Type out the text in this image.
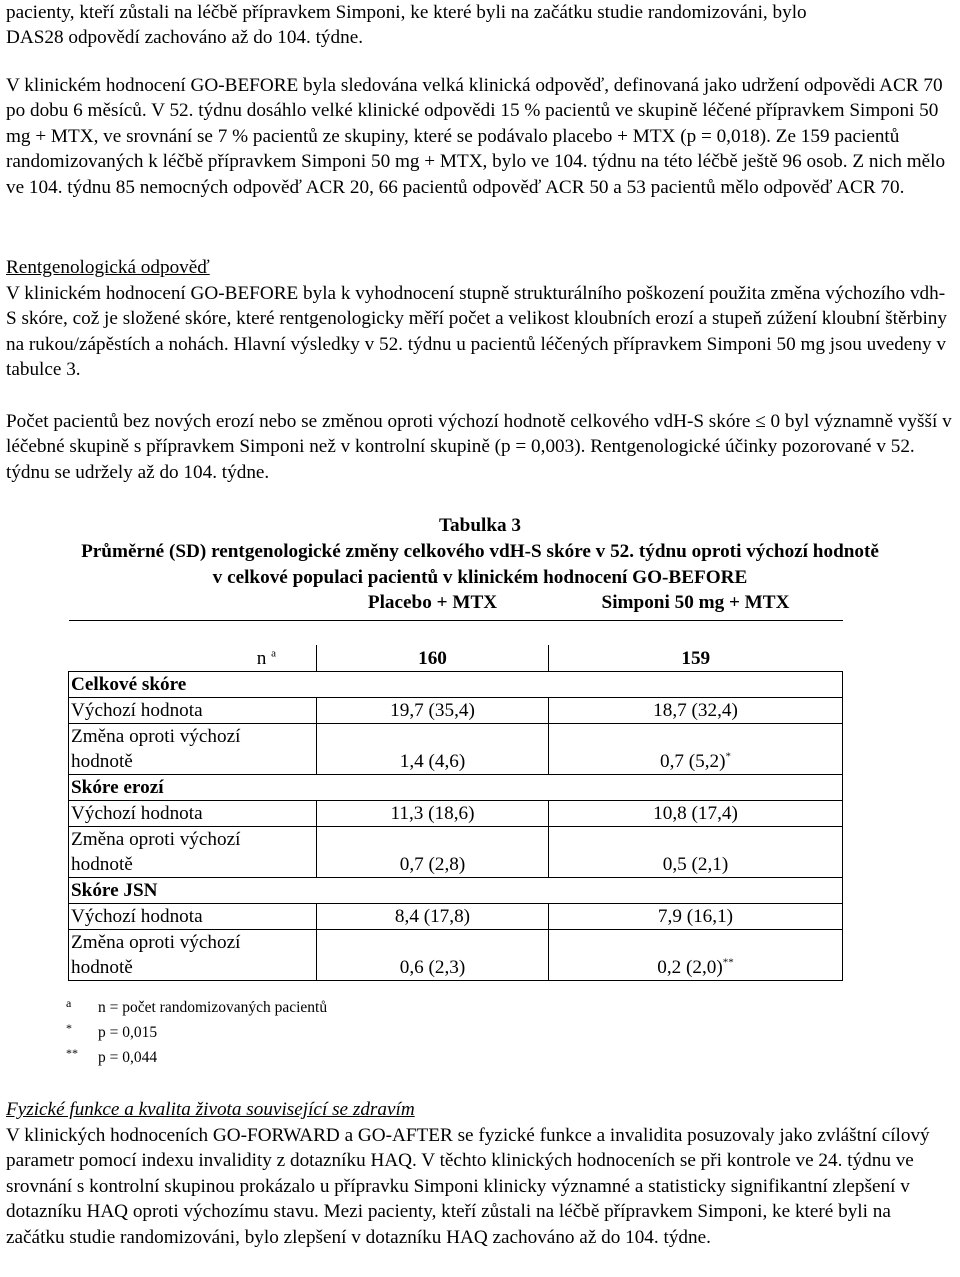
pacienty, kteří zůstali na léčbě přípravkem Simponi, ke které byli na začátku studie randomizováni, bylo
DAS28 odpovědí zachováno až do 104. týdne.

V klinickém hodnocení GO-BEFORE byla sledována velká klinická odpověď, definovaná jako udržení odpovědi ACR 70 po dobu 6 měsíců. V 52. týdnu dosáhlo velké klinické odpovědi 15 % pacientů ve skupině léčené přípravkem Simponi 50 mg + MTX, ve srovnání se 7 % pacientů ze skupiny, které se podávalo placebo + MTX (p = 0,018). Ze 159 pacientů randomizovaných k léčbě přípravkem Simponi 50 mg + MTX, bylo ve 104. týdnu na této léčbě ještě 96 osob. Z nich mělo ve 104. týdnu 85 nemocných odpověď ACR 20, 66 pacientů odpověď ACR 50 a 53 pacientů mělo odpověď ACR 70.

Rentgenologická odpověď

V klinickém hodnocení GO-BEFORE byla k vyhodnocení stupně strukturálního poškození použita změna výchozího vdh-S skóre, což je složené skóre, které rentgenologicky měří počet a velikost kloubních erozí a stupeň zúžení kloubní štěrbiny na rukou/zápěstích a nohách. Hlavní výsledky v 52. týdnu u pacientů léčených přípravkem Simponi 50 mg jsou uvedeny v tabulce 3.

Počet pacientů bez nových erozí nebo se změnou oproti výchozí hodnotě celkového vdH-S skóre ≤ 0 byl významně vyšší v léčebné skupině s přípravkem Simponi než v kontrolní skupině (p = 0,003). Rentgenologické účinky pozorované v 52. týdnu se udržely až do 104. týdne.

Tabulka 3

Průměrné (SD) rentgenologické změny celkového vdH-S skóre v 52. týdnu oproti výchozí hodnotě

v celkové populaci pacientů v klinickém hodnocení GO-BEFORE

	Placebo + MTX	Simponi 50 mg + MTX

n $^a$	160	159
Celkové skóre		
Výchozí hodnota	19,7 (35,4)	18,7 (32,4)
Změna oproti výchozí
hodnotě	1,4 (4,6)	0,7 (5,2)*
Skóre erozí		
Výchozí hodnota	11,3 (18,6)	10,8 (17,4)
Změna oproti výchozí
hodnotě	0,7 (2,8)	0,5 (2,1)
Skóre JSN		
Výchozí hodnota	8,4 (17,8)	7,9 (16,1)
Změna oproti výchozí
hodnotě	0,6 (2,3)	0,2 (2,0)**
a n = počet randomizovaných pacientů
* p = 0,015
** p = 0,044

Fyzické funkce a kvalita života související se zdravím

V klinických hodnoceních GO-FORWARD a GO-AFTER se fyzické funkce a invalidita posuzovaly jako zvláštní cílový parametr pomocí indexu invalidity z dotazníku HAQ. V těchto klinických hodnoceních se při kontrole ve 24. týdnu ve srovnání s kontrolní skupinou prokázalo u přípravku Simponi klinicky významné a statisticky signifikantní zlepšení v dotazníku HAQ oproti výchozímu stavu. Mezi pacienty, kteří zůstali na léčbě přípravkem Simponi, ke které byli na začátku studie randomizováni, bylo zlepšení v dotazníku HAQ zachováno až do 104. týdne.
